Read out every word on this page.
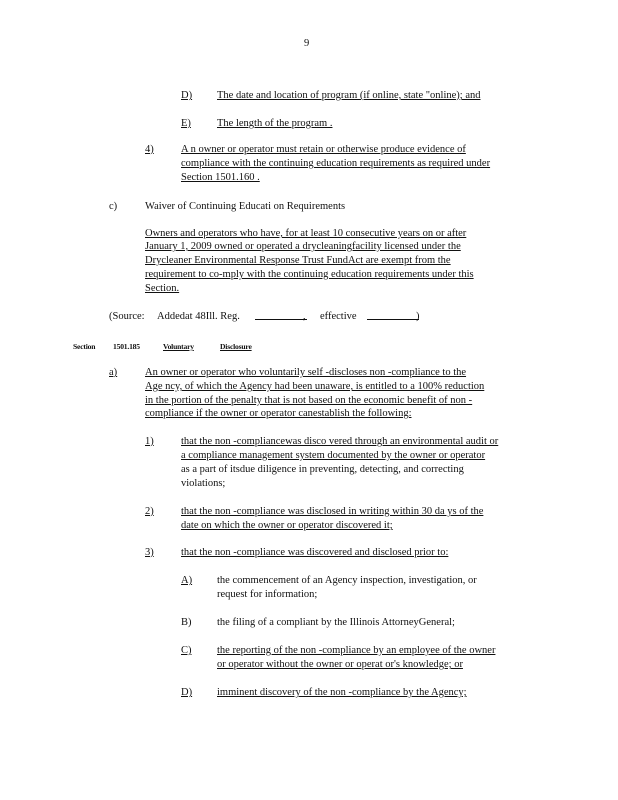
9
D) The date and location of program (if online, state "online); and
E) The length of the program .
4)	A n owner or operator must retain or otherwise produce evidence of
compliance with the continuing education requirements as required under
Section 1501.160 .
c)	Waiver of Continuing Educati on Requirements
Owners and operators who have, for at least 10 consecutive years on or after
January 1, 2009 owned or operated a drycleaningfacility licensed under the
Drycleaner Environmental Response Trust FundAct are exempt from the
requirement to co-mply with the continuing education requirements under this
Section.
(Source: Addedat 48Ill. Reg.	, effective	)
Section 1501.185	Voluntary	Disclosure
a)	An owner or operator who voluntarily self -discloses non -compliance to the
Age ncy, of which the Agency had been unaware, is entitled to a 100% reduction
in the portion of the penalty that is not based on the economic benefit of non -
compliance if the owner or operator canestablish the following:
1)	that the non -compliancewas disco vered through an environmental audit or
a compliance management system documented by the owner or operator
as a part of itsdue diligence in preventing, detecting, and correcting
violations;
2)	that the non -compliance was disclosed in writing within 30 da ys of the
date on which the owner or operator discovered it;
3)	that the non -compliance was discovered and disclosed prior to:
A) the commencement of an Agency inspection, investigation, or
request for information;
B) the filing of a compliant by the Illinois AttorneyGeneral;
C) the reporting of the non -compliance by an employee of the owner
or operator without the owner or operat or's knowledge; or
D) imminent discovery of the non -compliance by the Agency;
